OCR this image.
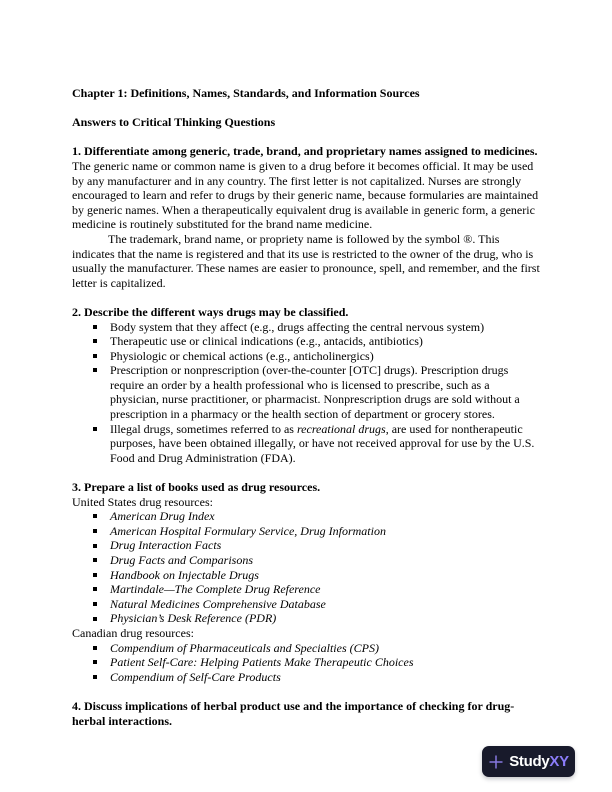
Chapter 1: Definitions, Names, Standards, and Information Sources
Answers to Critical Thinking Questions

1. Differentiate among generic, trade, brand, and proprietary names assigned to medicines.

The generic name or common name is given to a drug before it becomes official. It may be used by any manufacturer and in any country. The first letter is not capitalized. Nurses are strongly encouraged to learn and refer to drugs by their generic name, because formularies are maintained by generic names. When a therapeutically equivalent drug is available in generic form, a generic medicine is routinely substituted for the brand name medicine.

The trademark, brand name, or propriety name is followed by the symbol ®. This indicates that the name is registered and that its use is restricted to the owner of the drug, who is usually the manufacturer. These names are easier to pronounce, spell, and remember, and the first letter is capitalized.

2. Describe the different ways drugs may be classified.

Body system that they affect (e.g., drugs affecting the central nervous system)
Therapeutic use or clinical indications (e.g., antacids, antibiotics)
Physiologic or chemical actions (e.g., anticholinergics)
Prescription or nonprescription (over-the-counter [OTC] drugs). Prescription drugs require an order by a health professional who is licensed to prescribe, such as a physician, nurse practitioner, or pharmacist. Nonprescription drugs are sold without a prescription in a pharmacy or the health section of department or grocery stores.
Illegal drugs, sometimes referred to as recreational drugs, are used for nontherapeutic purposes, have been obtained illegally, or have not received approval for use by the U.S. Food and Drug Administration (FDA).

3. Prepare a list of books used as drug resources.

United States drug resources:

American Drug Index
American Hospital Formulary Service, Drug Information
Drug Interaction Facts
Drug Facts and Comparisons
Handbook on Injectable Drugs
Martindale—The Complete Drug Reference
Natural Medicines Comprehensive Database
Physician’s Desk Reference (PDR)

Canadian drug resources:

Compendium of Pharmaceuticals and Specialties (CPS)
Patient Self-Care: Helping Patients Make Therapeutic Choices
Compendium of Self-Care Products

4. Discuss implications of herbal product use and the importance of checking for drug-herbal interactions.

StudyXY
